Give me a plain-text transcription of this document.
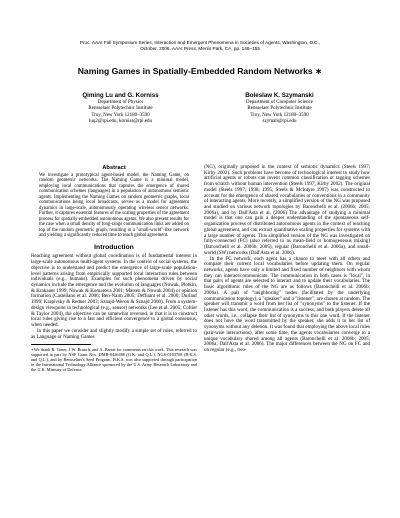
Proc. AAAI Fall Symposium Series, Interaction and Emergent Phenomena in Societies of Agents, Washington, D.C.,
October, 2006. AAAI Press, Menlo Park, CA, pp. 148–155
Naming Games in Spatially-Embedded Random Networks ∗
Qiming Lu and G. Korniss
Department of Physics
Rensselaer Polytechnic Institute
Troy, New York 12180–3590
luq2@rpi.edu, korniss@rpi.edu
Boleslaw K. Szymanski
Department of Computer Science
Rensselaer Polytechnic Institute
Troy, New York 12180–3590
szymab@rpi.edu
Abstract

We investigate a prototypical agent-based model, the Naming Game, on random geometric networks. The Naming Game is a minimal model, employing local communications that captures the emergence of shared communication schemes (languages) in a population of autonomous semiotic agents. Implementing the Naming Games on random geometric graphs, local communications being local broadcasts, serves as a model for agreement dynamics in large-scale, autonomously operating wireless sensor networks. Further, it captures essential features of the scaling properties of the agreement process for spatially-embedded autonomous agents. We also present results for the case when a small density of long-range communication links are added on top of the random geometric graph, resulting in a "small-world"-like network and yielding a significantly reduced time to reach global agreement.

Introduction

Reaching agreement without global coordination is of fundamental interest in large-scale autonomous multi-agent systems. In the context of social systems, the objective is to understand and predict the emergence of large-scale population-level patterns arising from empirically supported local interaction rules between individuals (e.g., humans). Examples for such phenomena driven by social dynamics include the emergence and the evolution of languages (Nowak, Plotkin, & Krakauer 1999; Nowak & Komarova 2001; Matsen & Nowak 2004) or opinion formation (Castellano et al. 2006; Ben-Naim 2005; Deffuant et al. 2000; Durlauf 1999; Krapivsky & Redner 2003; Sznajd-Weron & Sznajd 2000). From a system-design viewpoint in technological (e.g., sensor) networks (Lee et al. 2005; Collier & Taylor 2004), the objective can be somewhat reversed, in that it is to construct local rules giving rise to a fast and efficient convergence to a global consensus, when needed.

In this paper we consider and slightly modify a simple set of rules, referred to as Language or Naming Games

∗We thank R. Toner, J.W. Branch, and A. Barrat for comments on this work. This research was supported in part by NSF Grant Nos. DMR-0426488 (G.K. and Q.L.), NGS-0103708 (B.K.S. and Q.L.), and by Rensselaer's Seed Program. B.K.S. was also supported through participation in the International Technology Alliance sponsored by the U.S. Army Research Laboratory and the U.K. Ministry of Defence.

(NG), originally proposed in the context of semiotic dynamics (Steels 1997; Kirby 2002). Such problems have become of technological interest to study how artificial agents or robots can invent common classification or tagging schemes from scratch without human intervention (Steels 1997; Kirby 2002). The original model (Steels 1997; 1998; 1995; Steels & McIntyre 1997) was constructed to account for the emergence of shared vocabularies or conventions in a community of interacting agents. More recently, a simplified version of the NG was proposed and studied on various network topologies by Baronchelli et al. (2006b; 2005; 2006a), and by Dall'Asta et al. (2006) The advantage of studying a minimal model is that one can gain a deeper understanding of the spontaneous self-organization process of distributed autonomous agents in the context of reaching global agreement, and can extract quantitative scaling properties for systems with a large number of agents. This simplified version of the NG was investigated on fully-connected (FC) (also referred to as mean-field or homogeneous mixing) (Baronchelli et al. 2006b; 2005), regular (Baronchelli et al. 2006a), and small-world (SW) networks (Dall'Asta et al. 2006).

In the FC network, each agent has a chance to meet with all others and compare their current local vocabularies before updating them. On regular networks, agents have only a limited and fixed number of neighbors with whom they can interact/communicate. The communication in both cases is "local", in that pairs of agents are selected to interact and to update their vocabularies. The basic algorithmic rules of the NG are as follows (Baronchelli et al. 2006b; 2006a). A pair of "neighboring" nodes (facilitated by the underlying communication topology), a "speaker" and a "listener", are chosen at random. The speaker will transmit a word from her list of "synonyms" to the listener. If the listener has this word, the communication is a success, and both players delete all other words, i.e., collapse their list of synonyms to this one word. If the listener does not have the word transmitted by the speaker, she adds it to her list of synonyms without any deletion. It was found that employing the above local rules (pair-wise interactions), after some time, the agents vocabularies converge to a unique vocabulary shared among all agents (Baronchelli et al. 2006b; 2005; 2006a; Dall'Asta et al. 2006). The major differences between the NG on FC and on regular (e.g., two-
